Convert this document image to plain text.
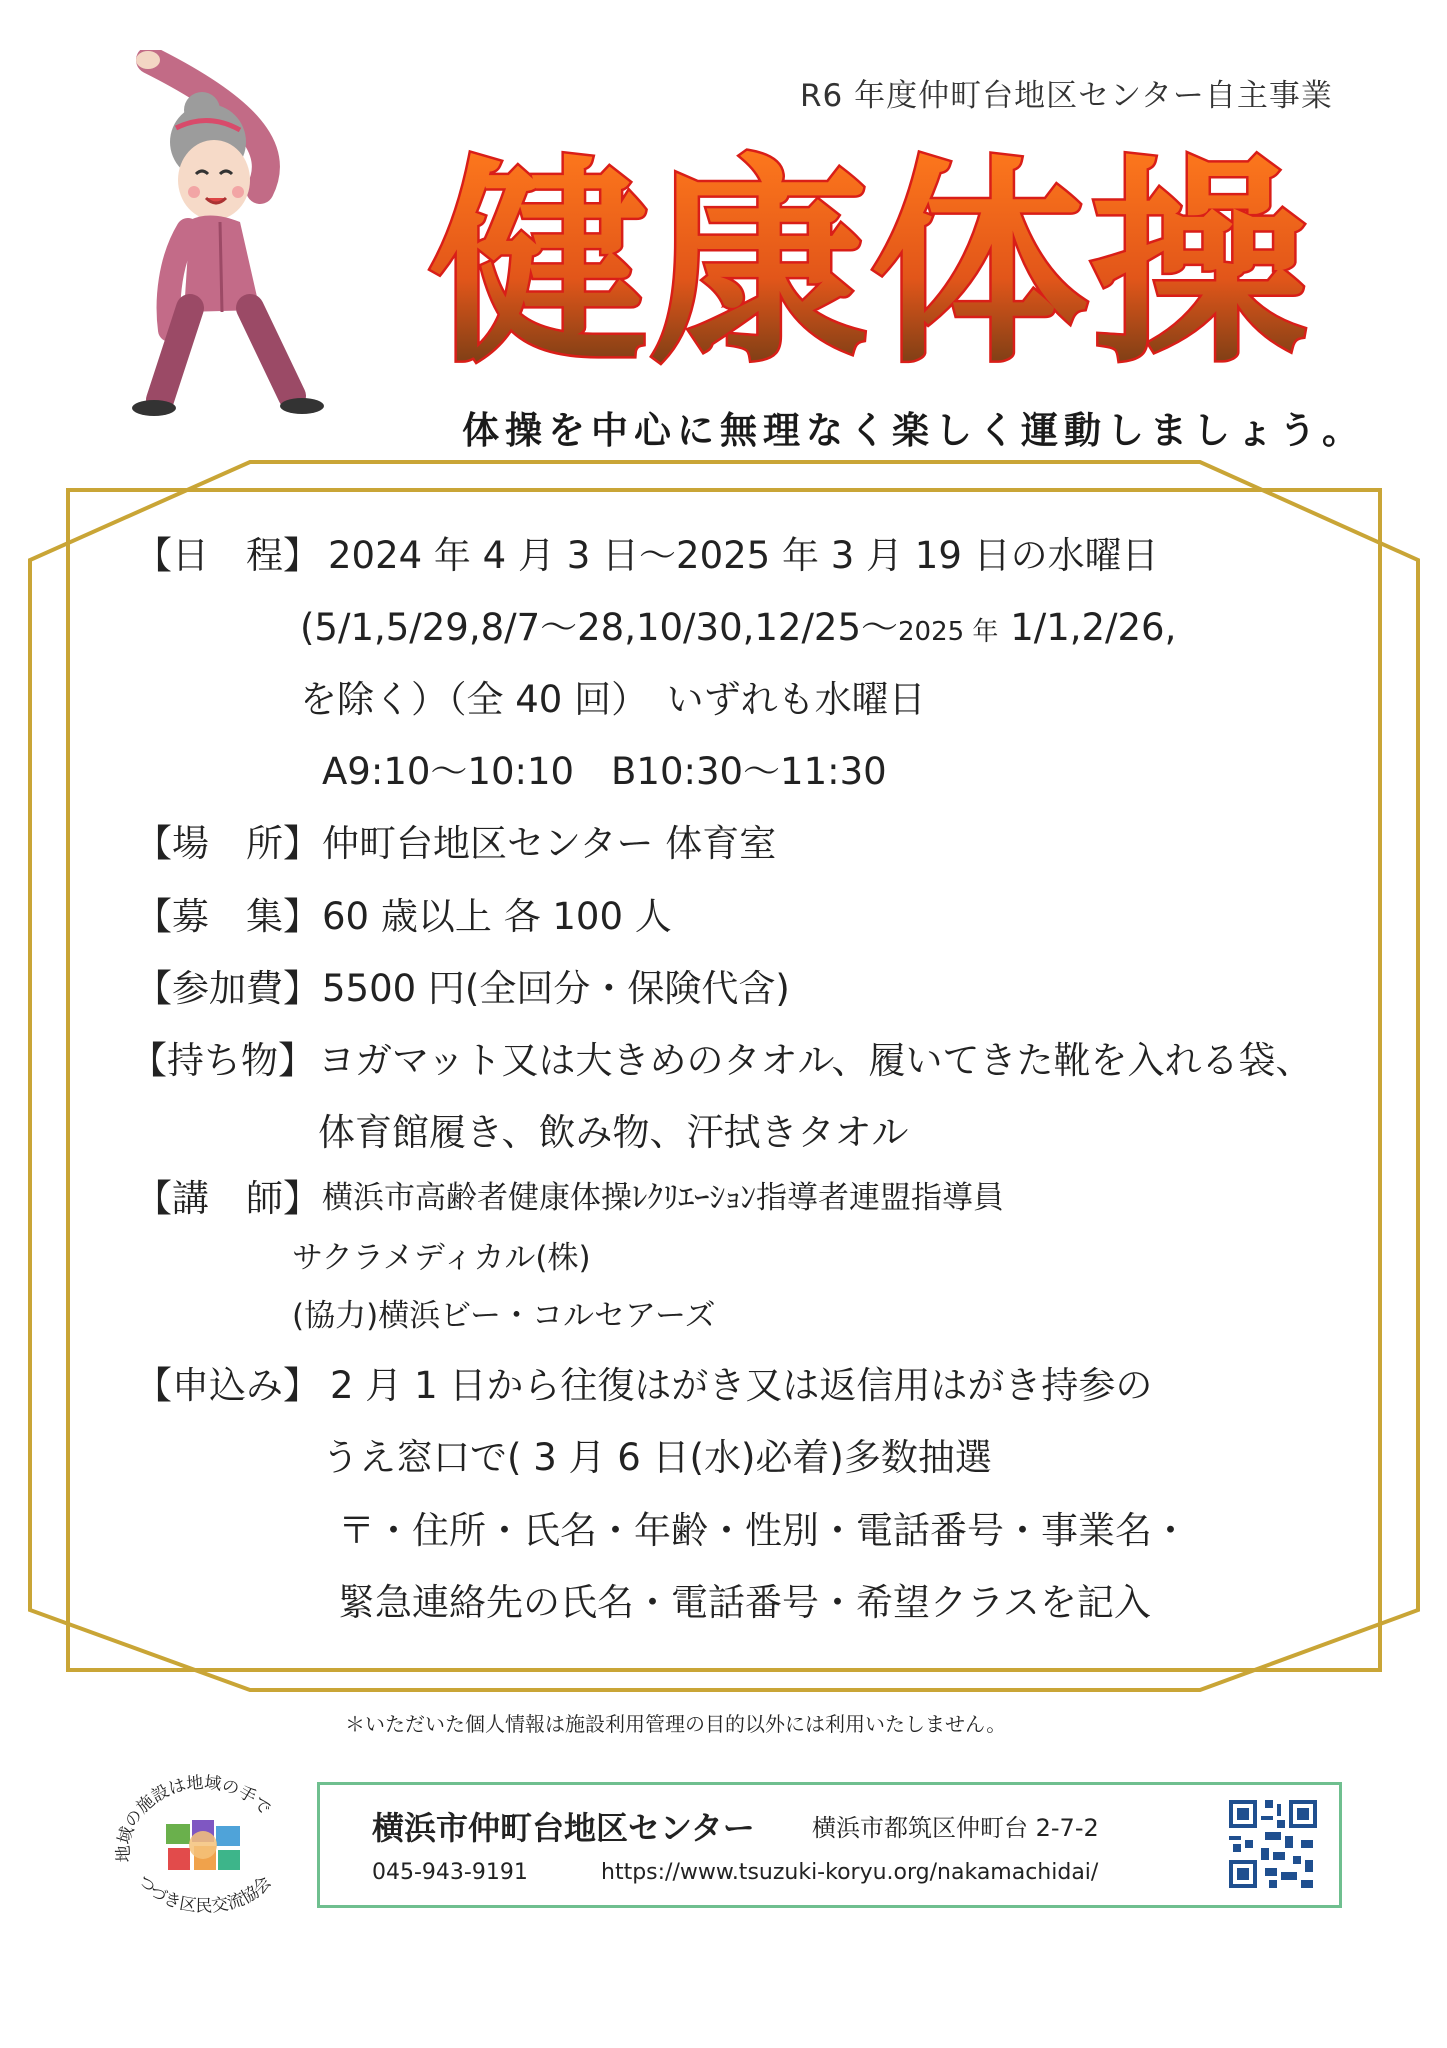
R6 年度仲町台地区センター自主事業
健康体操
体操を中心に無理なく楽しく運動しましょう。
【日　程】 2024 年 4 月 3 日～2025 年 3 月 19 日の水曜日
(5/1,5/29,8/7～28,10/30,12/25～2025 年 1/1,2/26,
を除く）（全 40 回）　いずれも水曜日
A9:10～10:10　B10:30～11:30
【場　所】 仲町台地区センター 体育室
【募　集】 60 歳以上 各 100 人
【参加費】 5500 円(全回分・保険代含)
【持ち物】 ヨガマット又は大きめのタオル、履いてきた靴を入れる袋、
体育館履き、飲み物、汗拭きタオル
【講　師】 横浜市高齢者健康体操ﾚｸﾘｴｰｼｮﾝ指導者連盟指導員
サクラメディカル(株)
(協力)横浜ビー・コルセアーズ
【申込み】 2 月 1 日から往復はがき又は返信用はがき持参の
うえ窓口で( 3 月 6 日(水)必着)多数抽選
〒・住所・氏名・年齢・性別・電話番号・事業名・
緊急連絡先の氏名・電話番号・希望クラスを記入
＊いただいた個人情報は施設利用管理の目的以外には利用いたしません。
地域の施設は地域の手で
つづき区民交流協会
横浜市仲町台地区センター 横浜市都筑区仲町台 2-7-2
045-943-9191	https://www.tsuzuki-koryu.org/nakamachidai/
